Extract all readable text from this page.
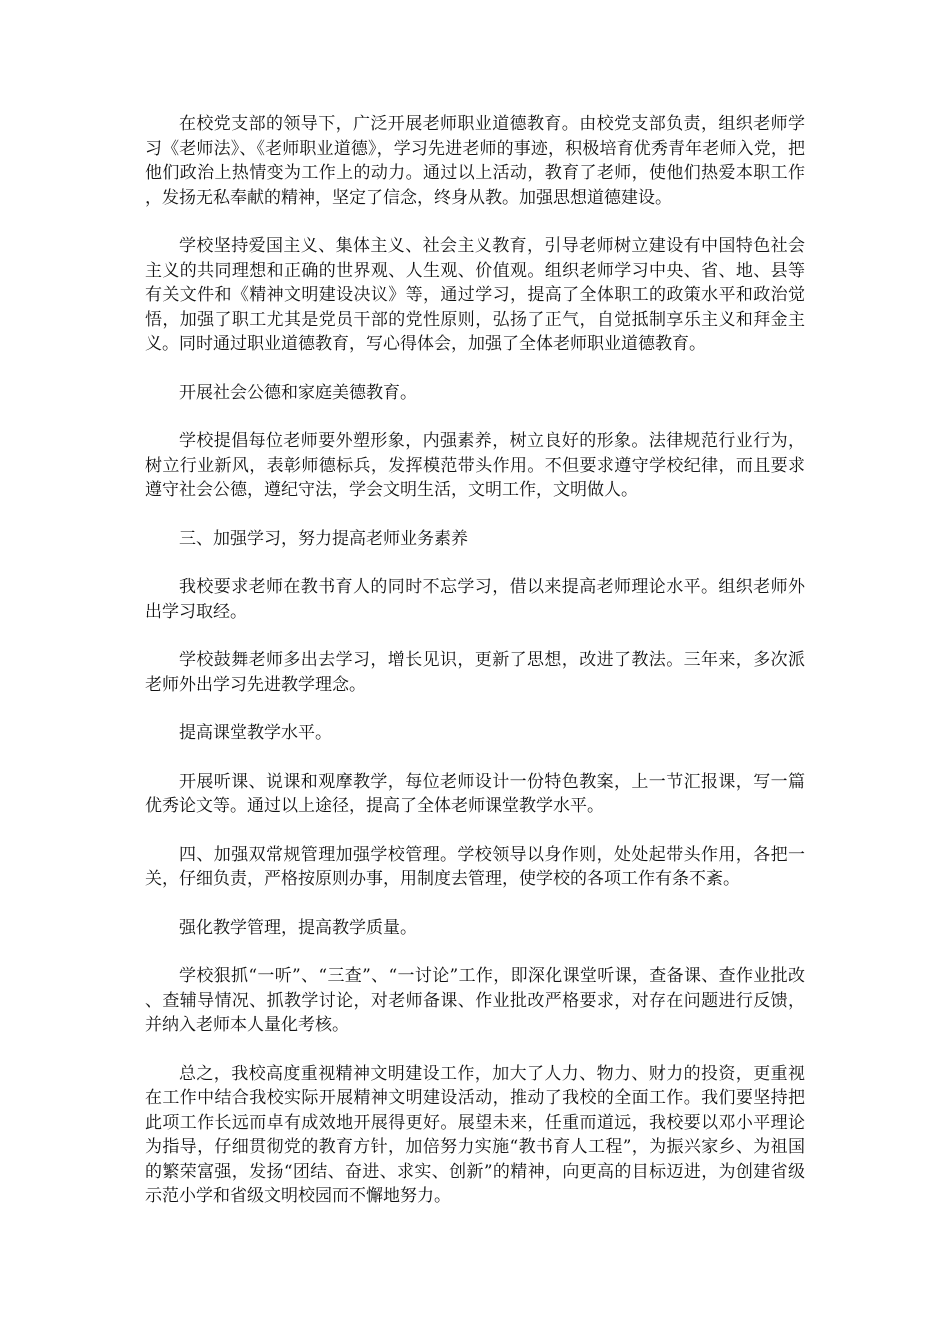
在校党支部的领导下，广泛开展老师职业道德教育。由校党支部负责，组织老师学习《老师法》、《老师职业道德》，学习先进老师的事迹，积极培育优秀青年老师入党，把他们政治上热情变为工作上的动力。通过以上活动，教育了老师，使他们热爱本职工作，发扬无私奉献的精神，坚定了信念，终身从教。加强思想道德建设。

学校坚持爱国主义、集体主义、社会主义教育，引导老师树立建设有中国特色社会主义的共同理想和正确的世界观、人生观、价值观。组织老师学习中央、省、地、县等有关文件和《精神文明建设决议》等，通过学习，提高了全体职工的政策水平和政治觉悟，加强了职工尤其是党员干部的党性原则，弘扬了正气，自觉抵制享乐主义和拜金主义。同时通过职业道德教育，写心得体会，加强了全体老师职业道德教育。

开展社会公德和家庭美德教育。

学校提倡每位老师要外塑形象，内强素养，树立良好的形象。法律规范行业行为，树立行业新风，表彰师德标兵，发挥模范带头作用。不但要求遵守学校纪律，而且要求遵守社会公德，遵纪守法，学会文明生活，文明工作，文明做人。

三、加强学习，努力提高老师业务素养

我校要求老师在教书育人的同时不忘学习，借以来提高老师理论水平。组织老师外出学习取经。

学校鼓舞老师多出去学习，增长见识，更新了思想，改进了教法。三年来，多次派老师外出学习先进教学理念。

提高课堂教学水平。

开展听课、说课和观摩教学，每位老师设计一份特色教案，上一节汇报课，写一篇优秀论文等。通过以上途径，提高了全体老师课堂教学水平。

四、加强双常规管理加强学校管理。学校领导以身作则，处处起带头作用，各把一关，仔细负责，严格按原则办事，用制度去管理，使学校的各项工作有条不紊。

强化教学管理，提高教学质量。

学校狠抓“一听”、“三查”、“一讨论”工作，即深化课堂听课，查备课、查作业批改、查辅导情况、抓教学讨论，对老师备课、作业批改严格要求，对存在问题进行反馈，并纳入老师本人量化考核。

总之，我校高度重视精神文明建设工作，加大了人力、物力、财力的投资，更重视在工作中结合我校实际开展精神文明建设活动，推动了我校的全面工作。我们要坚持把此项工作长远而卓有成效地开展得更好。展望未来，任重而道远，我校要以邓小平理论为指导，仔细贯彻党的教育方针，加倍努力实施“教书育人工程”，为振兴家乡、为祖国的繁荣富强，发扬“团结、奋进、求实、创新”的精神，向更高的目标迈进，为创建省级示范小学和省级文明校园而不懈地努力。
